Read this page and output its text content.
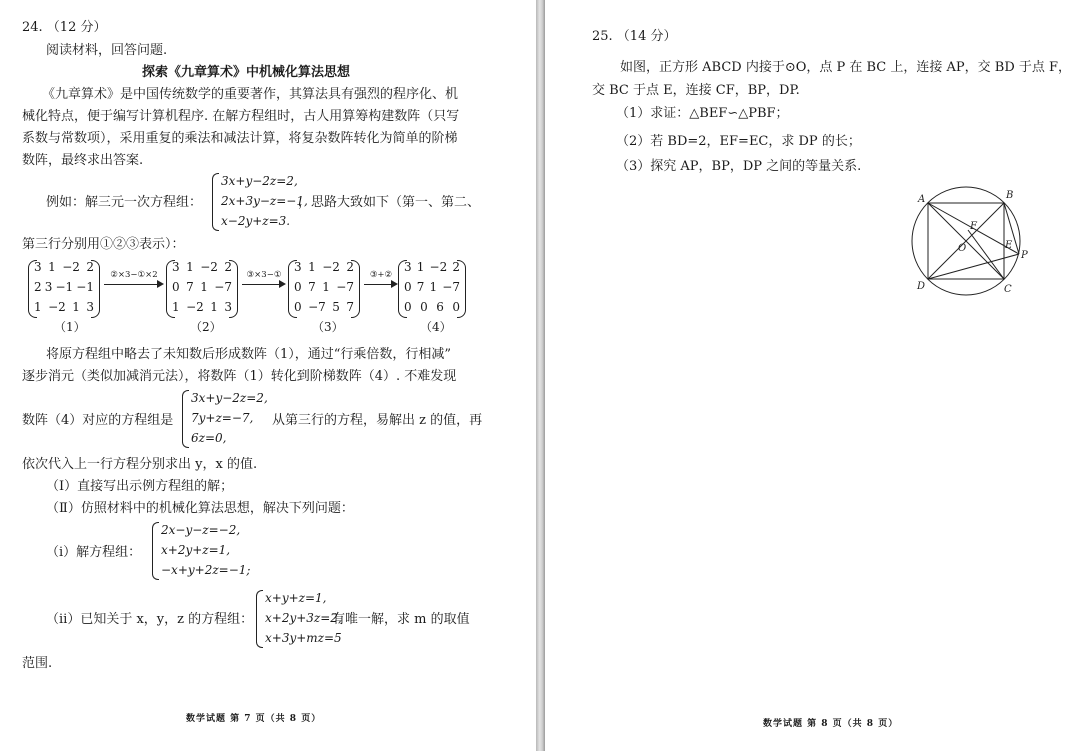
24. （12 分）
阅读材料，回答问题.
探索《九章算术》中机械化算法思想
《九章算术》是中国传统数学的重要著作，其算法具有强烈的程序化、机
械化特点，便于编写计算机程序. 在解方程组时，古人用算筹构建数阵（只写
系数与常数项），采用重复的乘法和减法计算，将复杂数阵转化为简单的阶梯
数阵，最终求出答案.
例如：解三元一次方程组：
3x+y−2z=2,
2x+3y−z=−1,
x−2y+z=3.
，思路大致如下（第一、第二、
第三行分别用①②③表示）：
3 1 −2 2
2 3 −1 −1
1 −2 1 3
②×3−①×2
（1）
3 1 −2 2
0 7 1 −7
1 −2 1 3
③×3−①
（2）
3 1 −2 2
0 7 1 −7
0 −7 5 7
③+②
（3）
3 1 −2 2
0 7 1 −7
0 0 6 0
（4）
将原方程组中略去了未知数后形成数阵（1），通过“行乘倍数，行相减”
逐步消元（类似加减消元法），将数阵（1）转化到阶梯数阵（4）. 不难发现
数阵（4）对应的方程组是
3x+y−2z=2,
7y+z=−7,
6z=0,
从第三行的方程，易解出 z 的值，再
依次代入上一行方程分别求出 y，x 的值.
（Ⅰ）直接写出示例方程组的解；
（Ⅱ）仿照材料中的机械化算法思想，解决下列问题：
（ⅰ）解方程组：
2x−y−z=−2,
x+2y+z=1,
−x+y+2z=−1;
（ⅱ）已知关于 x，y，z 的方程组：
x+y+z=1,
x+2y+3z=2,
x+3y+mz=5
有唯一解，求 m 的取值
范围.
数学试题 第 7 页（共 8 页）
25. （14 分）
如图，正方形 ABCD 内接于⊙O，点 P 在 BC 上，连接 AP，交 BD 于点 F，
交 BC 于点 E，连接 CF，BP，DP.
（1）求证：△BEF∽△PBF；
（2）若 BD=2，EF=EC，求 DP 的长；
（3）探究 AP，BP，DP 之间的等量关系.
A	B
C
D
O
P
E
F
数学试题 第 8 页（共 8 页）
